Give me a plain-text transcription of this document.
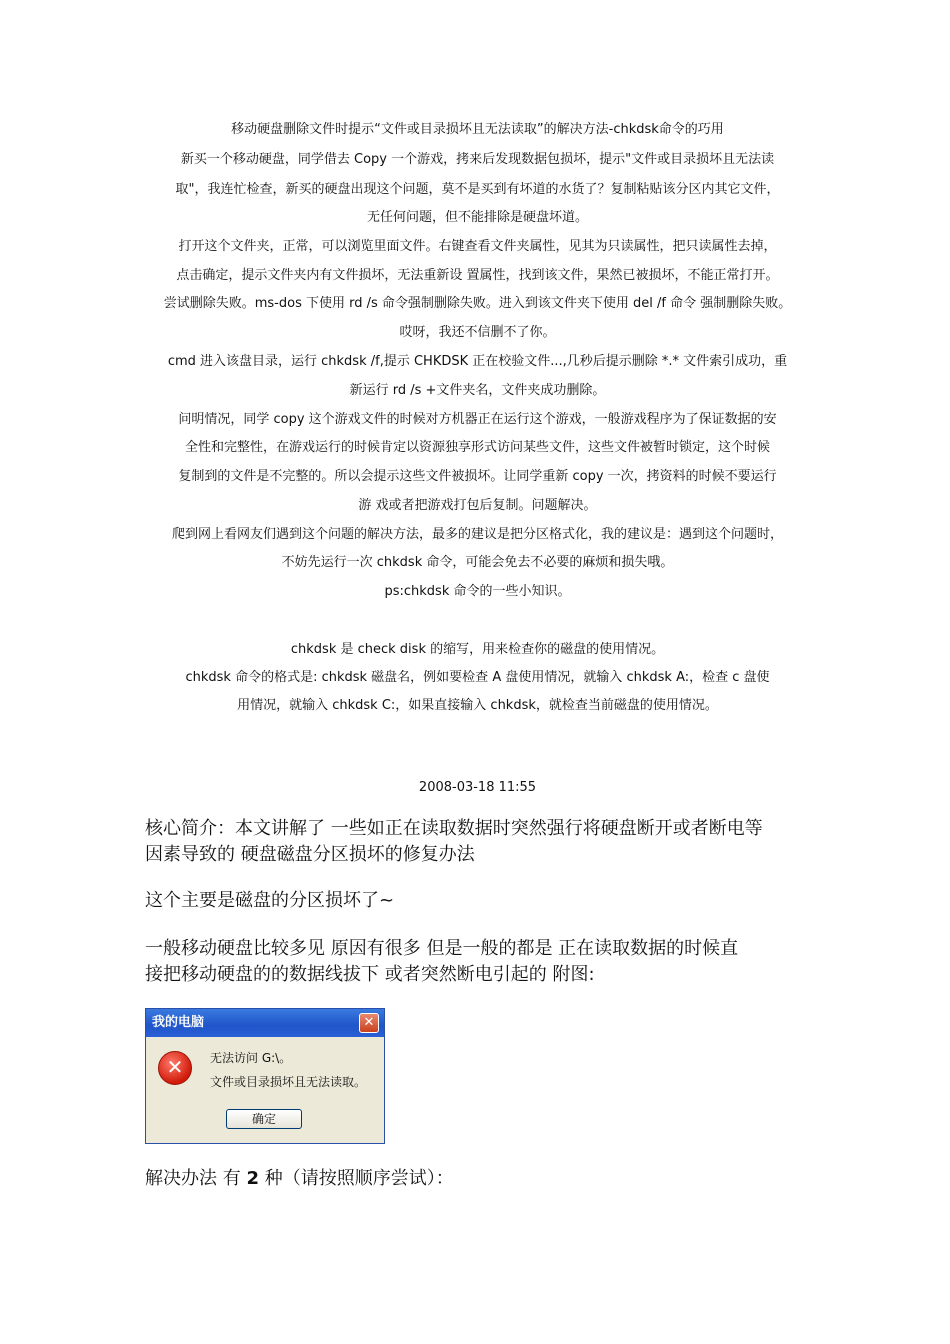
移动硬盘删除文件时提示“文件或目录损坏且无法读取”的解决方法-chkdsk命令的巧用
新买一个移动硬盘，同学借去 Copy 一个游戏，拷来后发现数据包损坏，提示"文件或目录损坏且无法读
取"，我连忙检查，新买的硬盘出现这个问题，莫不是买到有坏道的水货了？复制粘贴该分区内其它文件，
无任何问题，但不能排除是硬盘坏道。
打开这个文件夹，正常，可以浏览里面文件。右键查看文件夹属性，见其为只读属性，把只读属性去掉，
点击确定，提示文件夹内有文件损坏，无法重新设 置属性，找到该文件，果然已被损坏，不能正常打开。
尝试删除失败。ms-dos 下使用 rd /s 命令强制删除失败。进入到该文件夹下使用 del /f 命令 强制删除失败。
哎呀，我还不信删不了你。
cmd 进入该盘目录，运行 chkdsk /f,提示 CHKDSK 正在校验文件...,几秒后提示删除 *.* 文件索引成功，重
新运行 rd /s +文件夹名，文件夹成功删除。
问明情况，同学 copy 这个游戏文件的时候对方机器正在运行这个游戏，一般游戏程序为了保证数据的安
全性和完整性，在游戏运行的时候肯定以资源独享形式访问某些文件，这些文件被暂时锁定，这个时候
复制到的文件是不完整的。所以会提示这些文件被损坏。让同学重新 copy 一次，拷资料的时候不要运行
游 戏或者把游戏打包后复制。问题解决。
爬到网上看网友们遇到这个问题的解决方法，最多的建议是把分区格式化，我的建议是：遇到这个问题时，
不妨先运行一次 chkdsk 命令，可能会免去不必要的麻烦和损失哦。
ps:chkdsk 命令的一些小知识。
chkdsk 是 check disk 的缩写，用来检查你的磁盘的使用情况。
chkdsk 命令的格式是: chkdsk 磁盘名，例如要检查 A 盘使用情况，就输入 chkdsk A:，检查 c 盘使
用情况，就输入 chkdsk C:，如果直接输入 chkdsk，就检查当前磁盘的使用情况。
2008-03-18 11:55
核心简介：本文讲解了 一些如正在读取数据时突然强行将硬盘断开或者断电等
因素导致的 硬盘磁盘分区损坏的修复办法
这个主要是磁盘的分区损坏了~
一般移动硬盘比较多见 原因有很多 但是一般的都是 正在读取数据的时候直
接把移动硬盘的的数据线拔下 或者突然断电引起的 附图:
我的电脑	✕
✕	无法访问 G:\。
文件或目录损坏且无法读取。
确定
解决办法 有 2 种（请按照顺序尝试）：
